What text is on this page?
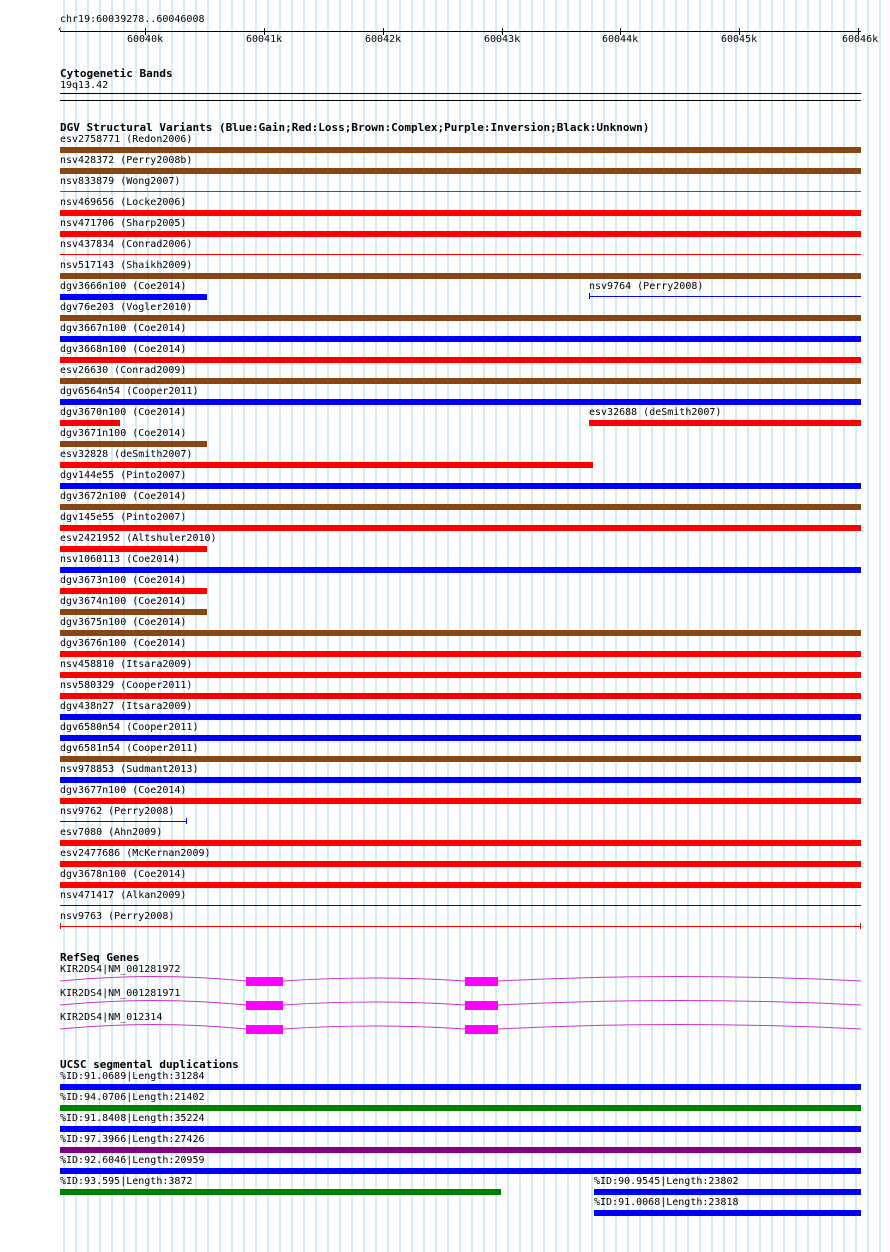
chr19:60039278..60046008
60040k	60041k	60042k	60043k	60044k	60045k	60046k
‹
Cytogenetic Bands
19q13.42
DGV Structural Variants (Blue:Gain;Red:Loss;Brown:Complex;Purple:Inversion;Black:Unknown)
esv2758771 (Redon2006)
nsv428372 (Perry2008b)
nsv833879 (Wong2007)
nsv469656 (Locke2006)
nsv471706 (Sharp2005)
nsv437834 (Conrad2006)
nsv517143 (Shaikh2009)
dgv3666n100 (Coe2014)	nsv9764 (Perry2008)
dgv76e203 (Vogler2010)
dgv3667n100 (Coe2014)
dgv3668n100 (Coe2014)
esv26630 (Conrad2009)
dgv6564n54 (Cooper2011)
dgv3670n100 (Coe2014)	esv32688 (deSmith2007)
dgv3671n100 (Coe2014)
esv32828 (deSmith2007)
dgv144e55 (Pinto2007)
dgv3672n100 (Coe2014)
dgv145e55 (Pinto2007)
esv2421952 (Altshuler2010)
nsv1060113 (Coe2014)
dgv3673n100 (Coe2014)
dgv3674n100 (Coe2014)
dgv3675n100 (Coe2014)
dgv3676n100 (Coe2014)
nsv458810 (Itsara2009)
nsv580329 (Cooper2011)
dgv438n27 (Itsara2009)
dgv6580n54 (Cooper2011)
dgv6581n54 (Cooper2011)
nsv978853 (Sudmant2013)
dgv3677n100 (Coe2014)
nsv9762 (Perry2008)
esv7080 (Ahn2009)
esv2477686 (McKernan2009)
dgv3678n100 (Coe2014)
nsv471417 (Alkan2009)
nsv9763 (Perry2008)
RefSeq Genes
KIR2DS4|NM_001281972
KIR2DS4|NM_001281971
KIR2DS4|NM_012314
UCSC segmental duplications
%ID:91.0689|Length:31284
%ID:94.0706|Length:21402
%ID:91.8408|Length:35224
%ID:97.3966|Length:27426
%ID:92.6046|Length:20959
%ID:93.595|Length:3872	%ID:90.9545|Length:23802
%ID:91.0068|Length:23818
